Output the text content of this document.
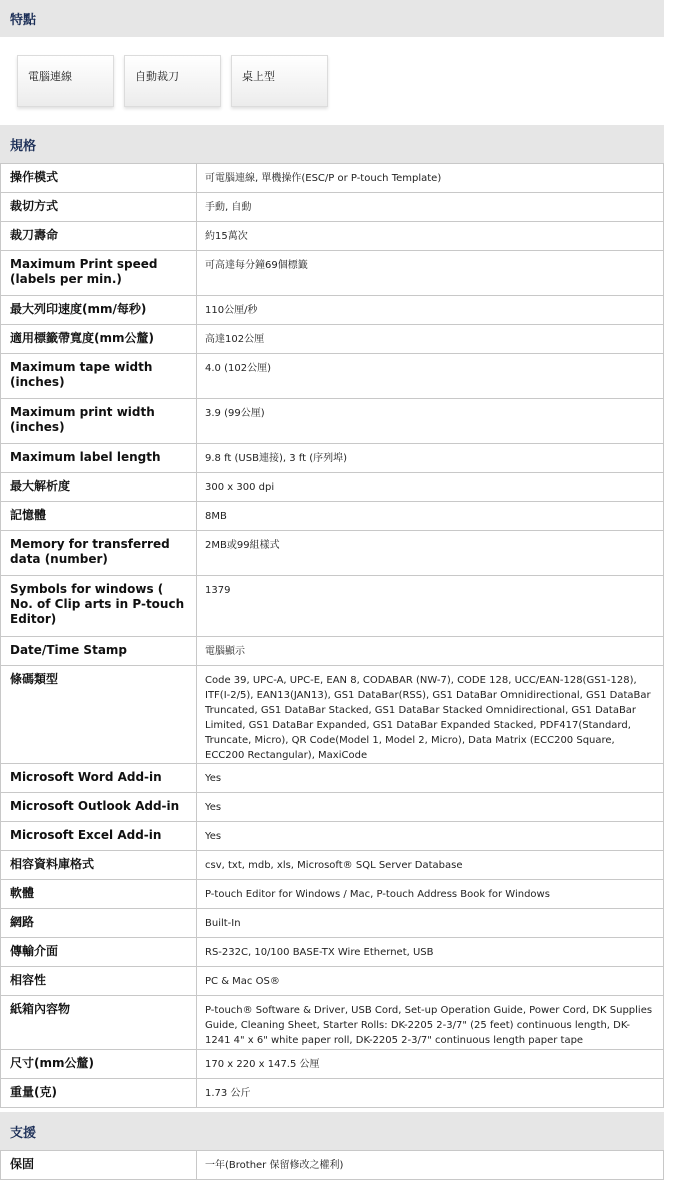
特點
電腦連線	自動裁刀	桌上型
規格
操作模式	可電腦連線, 單機操作(ESC/P or P-touch Template)
裁切方式	手動, 自動
裁刀壽命	約15萬次
Maximum Print speed (labels per min.)	可高達每分鐘69個標籤
最大列印速度(mm/每秒)	110公厘/秒
適用標籤帶寬度(mm公釐)	高達102公厘
Maximum tape width (inches)	4.0 (102公厘)
Maximum print width (inches)	3.9 (99公厘)
Maximum label length	9.8 ft (USB連接), 3 ft (序列埠)
最大解析度	300 x 300 dpi
記憶體	8MB
Memory for transferred data (number)	2MB或99組樣式
Symbols for windows ( No. of Clip arts in P-touch Editor)	1379
Date/Time Stamp	電腦顯示
條碼類型	Code 39, UPC-A, UPC-E, EAN 8, CODABAR (NW-7), CODE 128, UCC/EAN-128(GS1-128), ITF(I-2/5), EAN13(JAN13), GS1 DataBar(RSS), GS1 DataBar Omnidirectional, GS1 DataBar Truncated, GS1 DataBar Stacked, GS1 DataBar Stacked Omnidirectional, GS1 DataBar Limited, GS1 DataBar Expanded, GS1 DataBar Expanded Stacked, PDF417(Standard, Truncate, Micro), QR Code(Model 1, Model 2, Micro), Data Matrix (ECC200 Square, ECC200 Rectangular), MaxiCode
Microsoft Word Add-in	Yes
Microsoft Outlook Add-in	Yes
Microsoft Excel Add-in	Yes
相容資料庫格式	csv, txt, mdb, xls, Microsoft® SQL Server Database
軟體	P-touch Editor for Windows / Mac, P-touch Address Book for Windows
網路	Built-In
傳輸介面	RS-232C, 10/100 BASE-TX Wire Ethernet, USB
相容性	PC & Mac OS®
紙箱內容物	P-touch® Software & Driver, USB Cord, Set-up Operation Guide, Power Cord, DK Supplies Guide, Cleaning Sheet, Starter Rolls: DK-2205 2-3/7" (25 feet) continuous length, DK-1241 4" x 6" white paper roll, DK-2205 2-3/7" continuous length paper tape
尺寸(mm公釐)	170 x 220 x 147.5 公厘
重量(克)	1.73 公斤
支援
保固	一年(Brother 保留修改之權利)
